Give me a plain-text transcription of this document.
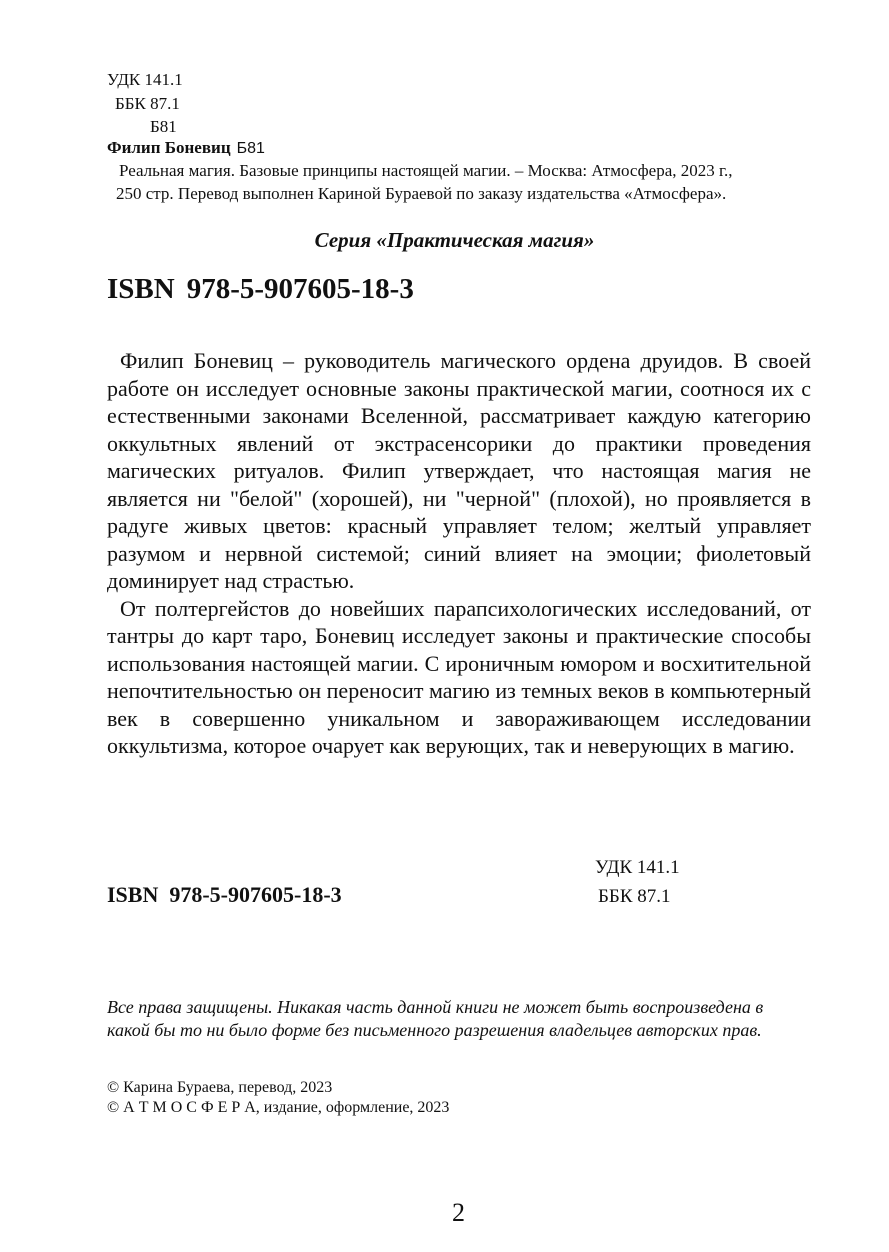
УДК 141.1
ББК 87.1
Б81
Филип Боневиц Б81
Реальная магия. Базовые принципы настоящей магии. – Москва: Атмосфера, 2023 г.,
250 стр. Перевод выполнен Кариной Бураевой по заказу издательства «Атмосфера».
Серия «Практическая магия»
ISBN 978-5-907605-18-3

Филип Боневиц – руководитель магического ордена друидов. В своей работе он исследует основные законы практической магии, соотнося их с естественными законами Вселенной, рассматривает каждую категорию оккультных явлений от экстрасенсорики до практики проведения магических ритуалов. Филип утверждает, что настоящая магия не является ни "белой" (хорошей), ни "черной" (плохой), но проявляется в радуге живых цветов: красный управляет телом; желтый управляет разумом и нервной системой; синий влияет на эмоции; фиолетовый доминирует над страстью.

От полтергейстов до новейших парапсихологических исследований, от тантры до карт таро, Боневиц исследует законы и практические способы использования настоящей магии. С ироничным юмором и восхитительной непочтительностью он переносит магию из темных веков в компьютерный век в совершенно уникальном и завораживающем исследовании оккультизма, которое очарует как верующих, так и неверующих в магию.

УДК 141.1
ISBN  978-5-907605-18-3	ББК 87.1
Все права защищены. Никакая часть данной книги не может быть воспроизведена в
какой бы то ни было форме без письменного разрешения владельцев авторских прав.
© Карина Бураева, перевод, 2023
© А Т М О С Ф Е Р А, издание, оформление, 2023
2
